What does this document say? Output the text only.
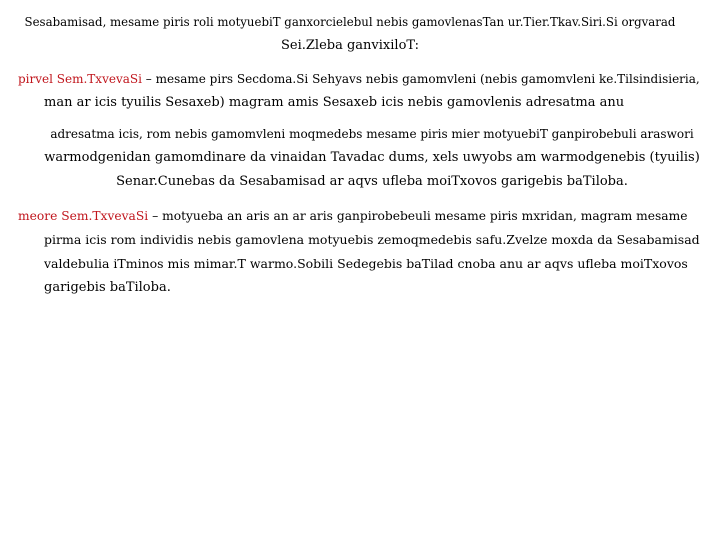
Sesabamisad, mesame piris roli motyuebiT ganxorcielebul nebis gamovlenasTan ur.Tier.Tkav.Siri.Si orgvarad
Sei.Zleba ganvixiloT:

pirvel Sem.TxvevaSi – mesame pirs Secdoma.Si Sehyavs nebis gamomvleni (nebis gamomvleni ke.Tilsindisieria,
man ar icis tyuilis Sesaxeb) magram amis Sesaxeb icis nebis gamovlenis adresatma anu

adresatma icis, rom nebis gamomvleni moqmedebs mesame piris mier motyuebiT ganpirobebuli araswori
warmodgenidan gamomdinare da vinaidan Tavadac dums, xels uwyobs am warmodgenebis (tyuilis)
Senar.Cunebas da Sesabamisad ar aqvs ufleba moiTxovos garigebis baTiloba.

meore Sem.TxvevaSi – motyueba an aris an ar aris ganpirobebeuli mesame piris mxridan, magram mesame
pirma icis rom individis nebis gamovlena motyuebis zemoqmedebis safu.Zvelze moxda da Sesabamisad
valdebulia iTminos mis mimar.T warmo.Sobili Sedegebis baTilad cnoba anu ar aqvs ufleba moiTxovos
garigebis baTiloba.
